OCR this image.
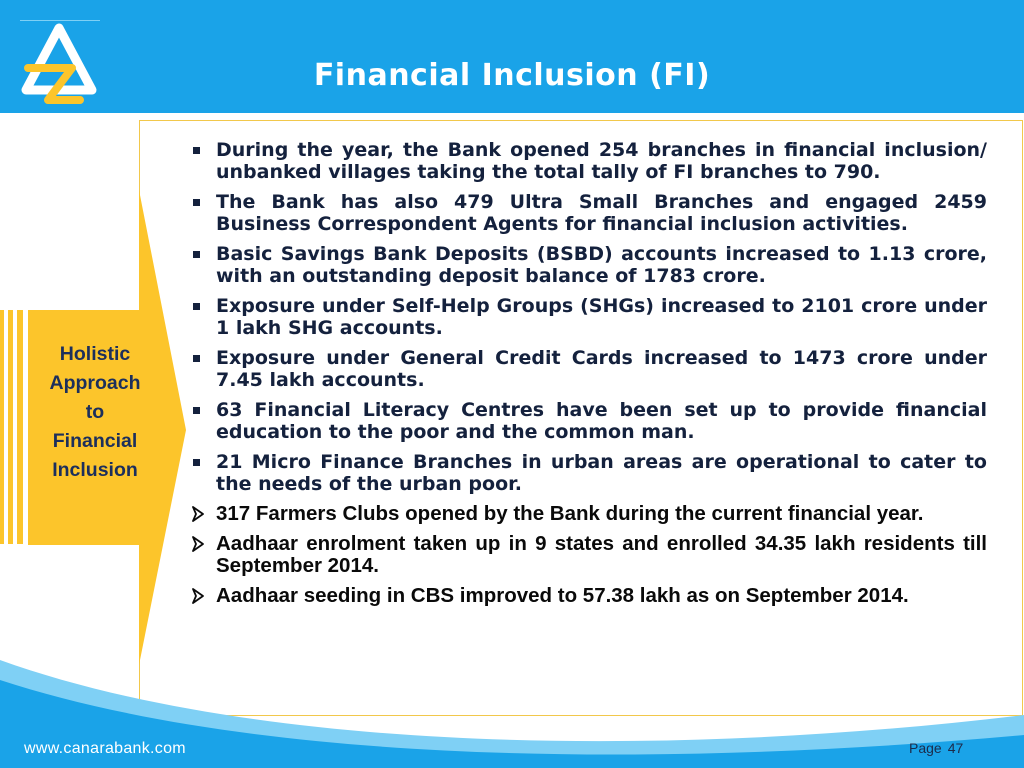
Financial Inclusion (FI)
Holistic
Approach
to
Financial
Inclusion
During the year, the Bank opened 254 branches in financial inclusion/ unbanked villages taking the total tally of FI branches to 790.
The Bank has also 479 Ultra Small Branches and engaged 2459 Business Correspondent Agents for financial inclusion activities.
Basic Savings Bank Deposits (BSBD) accounts increased to 1.13 crore, with an outstanding deposit balance of 1783 crore.
Exposure under Self-Help Groups (SHGs) increased to 2101 crore under 1 lakh SHG accounts.
Exposure under General Credit Cards increased to 1473 crore under 7.45 lakh accounts.
63 Financial Literacy Centres have been set up to provide financial education to the poor and the common man.
21 Micro Finance Branches in urban areas are operational to cater to the needs of the urban poor.
317 Farmers Clubs opened by the Bank during the current financial year.
Aadhaar enrolment taken up in 9 states and enrolled 34.35 lakh residents till September 2014.
Aadhaar seeding in CBS improved to 57.38 lakh as on September 2014.
www.canarabank.com	Page 47
